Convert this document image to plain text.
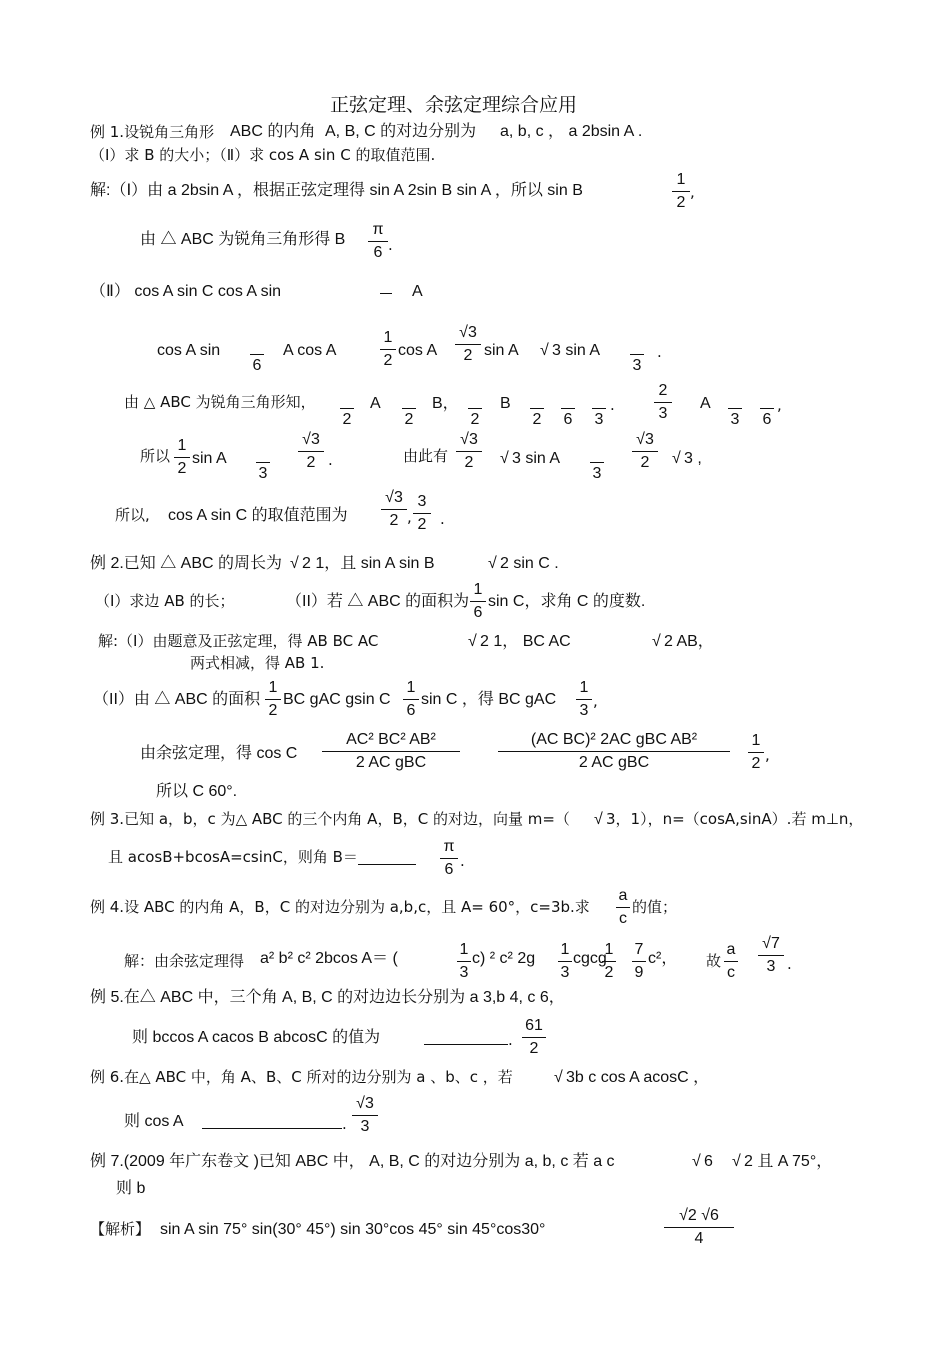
正弦定理、余弦定理综合应用
例 1.设锐角三角形 ABC 的内角 A, B, C 的对边分别为 a, b, c ， a 2bsin A .
（Ⅰ）求 B 的大小；（Ⅱ）求 cos A sin C 的取值范围.
解:（Ⅰ）由 a 2bsin A ，根据正弦定理得 sin A 2sin B sin A ，所以 sin B	$\frac{1}{2}$ ,
由 △ ABC 为锐角三角形得 B $\frac{\pi}{6}$ .
（Ⅱ） cos A sin C cos A sin	A
cos A sin

6
A cos A	$\frac{1}{2}$ cos A $\frac{√3}{2}$ sin A √ 3 sin A

3
.
由 △ ABC 为锐角三角形知，

2
A

2
B，

2
B

2
6
3
. $\frac{2}{3}$ A

3
6
,
所以 $\frac{1}{2}$ sin A

3
$\frac{√3}{2}$ .	由此有 $\frac{√3}{2}$ √ 3 sin A

3
$\frac{√3}{2}$ √ 3 ,
所以, cos A sin C 的取值范围为 $\frac{√3}{2}$ , $\frac{3}{2}$ .
例 2.已知 △ ABC 的周长为 √ 2 1，且 sin A sin B	√ 2 sin C .
（I）求边 AB 的长；	（II）若 △ ABC 的面积为 $\frac{1}{6}$ sin C，求角 C 的度数.
解:（I）由题意及正弦定理，得 AB BC AC	√ 2 1， BC AC	√ 2 AB，
两式相减，得 AB 1.
（II）由 △ ABC 的面积 $\frac{1}{2}$ BC gAC gsin C $\frac{1}{6}$ sin C ，得 BC gAC $\frac{1}{3}$ ,
由余弦定理，得 cos C
AC² BC² AB²
2 AC gBC
(AC BC)² 2AC gBC AB²
2 AC gBC	$\frac{1}{2}$ ,
所以 C 60°.
例 3.已知 a，b，c 为△ ABC 的三个内角 A，B，C 的对边，向量 m=（ √ 3，1），n=（cosA,sinA）.若 m⊥n，
且 acosB+bcosA=csinC，则角 B＝	$\frac{\pi}{6}$ .
例 4.设 ABC 的内角 A，B，C 的对边分别为 a,b,c，且 A= 60°，c=3b.求 $\frac{a}{c}$ 的值；
解：由余弦定理得 a² b² c² 2bcos A＝ (	$\frac{1}{3} c$) ² c² $2g \frac{1}{3}$ cgcg
$\frac{1}{2} \frac{7}{9} c^2$， 故 $\frac{a}{c} \frac{√7}{3}$ .
例 5.在△ ABC 中，三个角 A, B, C 的对边边长分别为 a 3,b 4, c 6，
则 bccos A cacos B abcosC 的值为	. $\frac{61}{2}$
例 6.在△ ABC 中，角 A、B、C 所对的边分别为 a 、b、c ，若	√ 3b c cos A acosC ，
则 cos A	. $\frac{√3}{3}$
例 7.(2009 年广东卷文 )已知 ABC 中， A, B, C 的对边分别为 a, b, c 若 a c	√ 6 √ 2 且 A 75°，
则 b
【解析】 sin A sin 75° sin(30° 45°) sin 30°cos 45° sin 45°cos30°	$\frac{√2 √6}{4}$
